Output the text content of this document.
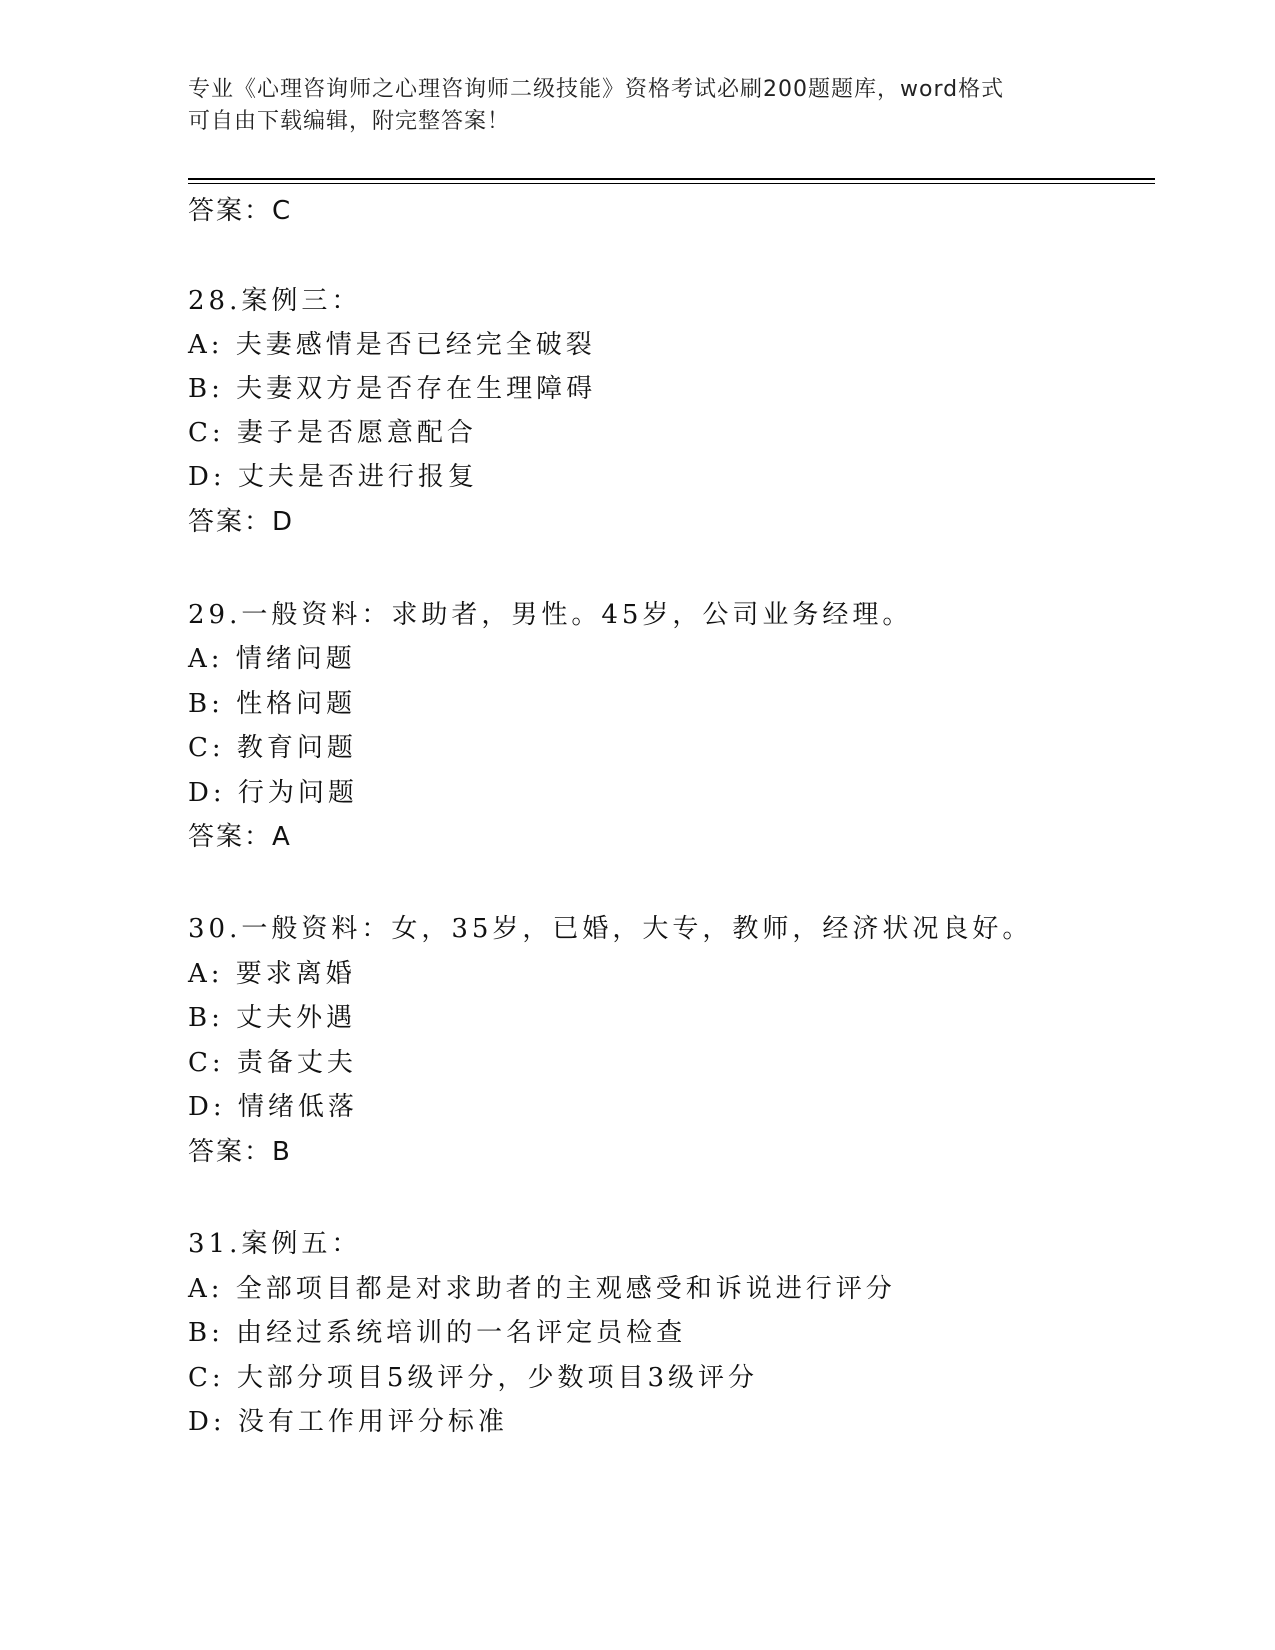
专业《心理咨询师之心理咨询师二级技能》资格考试必刷200题题库，word格式
可自由下载编辑，附完整答案！
答案：C
28.案例三：
A: 夫妻感情是否已经完全破裂
B: 夫妻双方是否存在生理障碍
C: 妻子是否愿意配合
D: 丈夫是否进行报复
答案：D
29.一般资料：求助者，男性。45岁，公司业务经理。
A: 情绪问题
B: 性格问题
C: 教育问题
D: 行为问题
答案：A
30.一般资料：女，35岁，已婚，大专，教师，经济状况良好。
A: 要求离婚
B: 丈夫外遇
C: 责备丈夫
D: 情绪低落
答案：B
31.案例五：
A: 全部项目都是对求助者的主观感受和诉说进行评分
B: 由经过系统培训的一名评定员检查
C: 大部分项目5级评分，少数项目3级评分
D: 没有工作用评分标准
